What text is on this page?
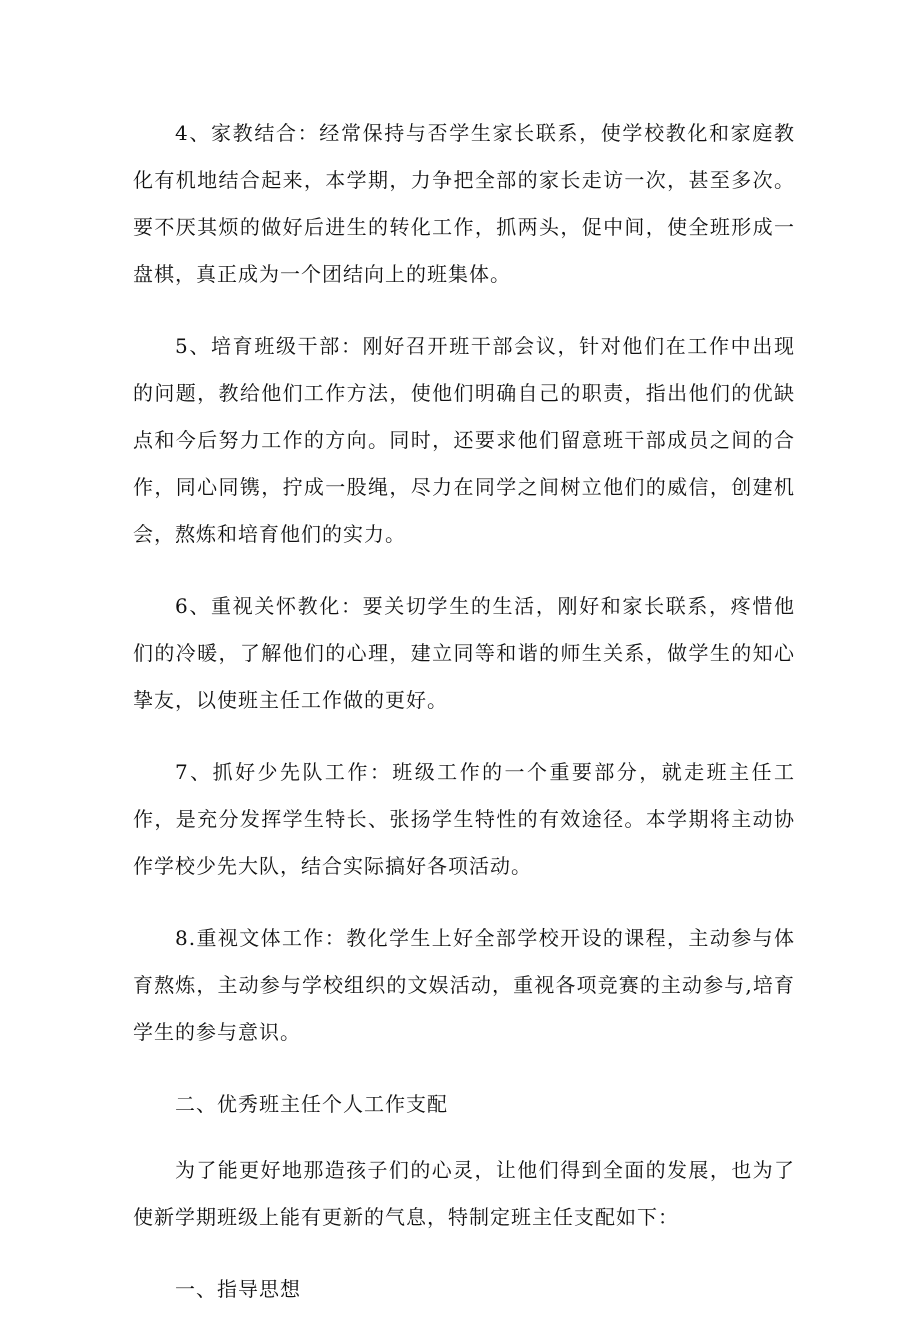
4、家教结合：经常保持与否学生家长联系，使学校教化和家庭教化有机地结合起来，本学期，力争把全部的家长走访一次，甚至多次。要不厌其烦的做好后进生的转化工作，抓两头，促中间，使全班形成一盘棋，真正成为一个团结向上的班集体。

5、培育班级干部：刚好召开班干部会议，针对他们在工作中出现的问题，教给他们工作方法，使他们明确自己的职责，指出他们的优缺点和今后努力工作的方向。同时，还要求他们留意班干部成员之间的合作，同心同镌，拧成一股绳，尽力在同学之间树立他们的威信，创建机会，熬炼和培育他们的实力。

6、重视关怀教化：要关切学生的生活，刚好和家长联系，疼惜他们的冷暖，了解他们的心理，建立同等和谐的师生关系，做学生的知心挚友，以使班主任工作做的更好。

7、抓好少先队工作：班级工作的一个重要部分，就走班主任工作，是充分发挥学生特长、张扬学生特性的有效途径。本学期将主动协作学校少先大队，结合实际搞好各项活动。

8.重视文体工作：教化学生上好全部学校开设的课程，主动参与体育熬炼，主动参与学校组织的文娱活动，重视各项竞赛的主动参与,培育学生的参与意识。

二、优秀班主任个人工作支配

为了能更好地那造孩子们的心灵，让他们得到全面的发展，也为了使新学期班级上能有更新的气息，特制定班主任支配如下：

一、指导思想
